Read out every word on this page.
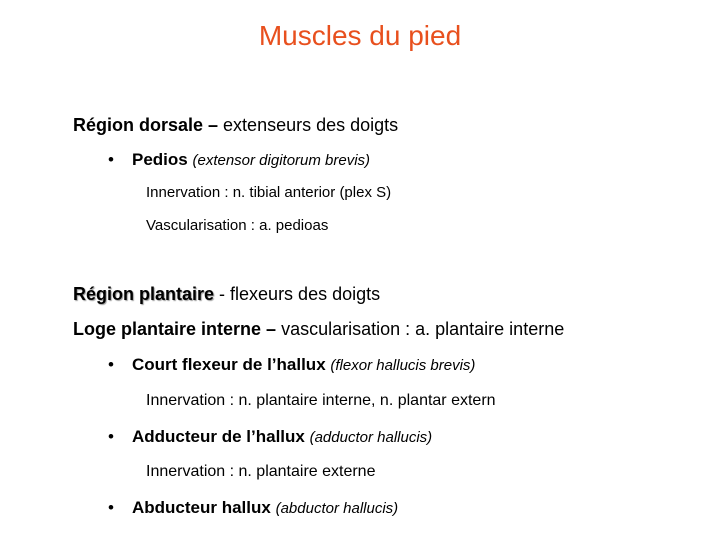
Muscles du pied
Région dorsale – extenseurs des doigts
• Pedios (extensor digitorum brevis)
Innervation : n. tibial anterior (plex S)
Vascularisation : a. pedioas
Région plantaire - flexeurs des doigts
Loge plantaire interne – vascularisation : a. plantaire interne
• Court flexeur de l’hallux (flexor hallucis brevis)
Innervation : n. plantaire interne, n. plantar extern
• Adducteur de l’hallux (adductor hallucis)
Innervation : n. plantaire externe
• Abducteur hallux (abductor hallucis)
